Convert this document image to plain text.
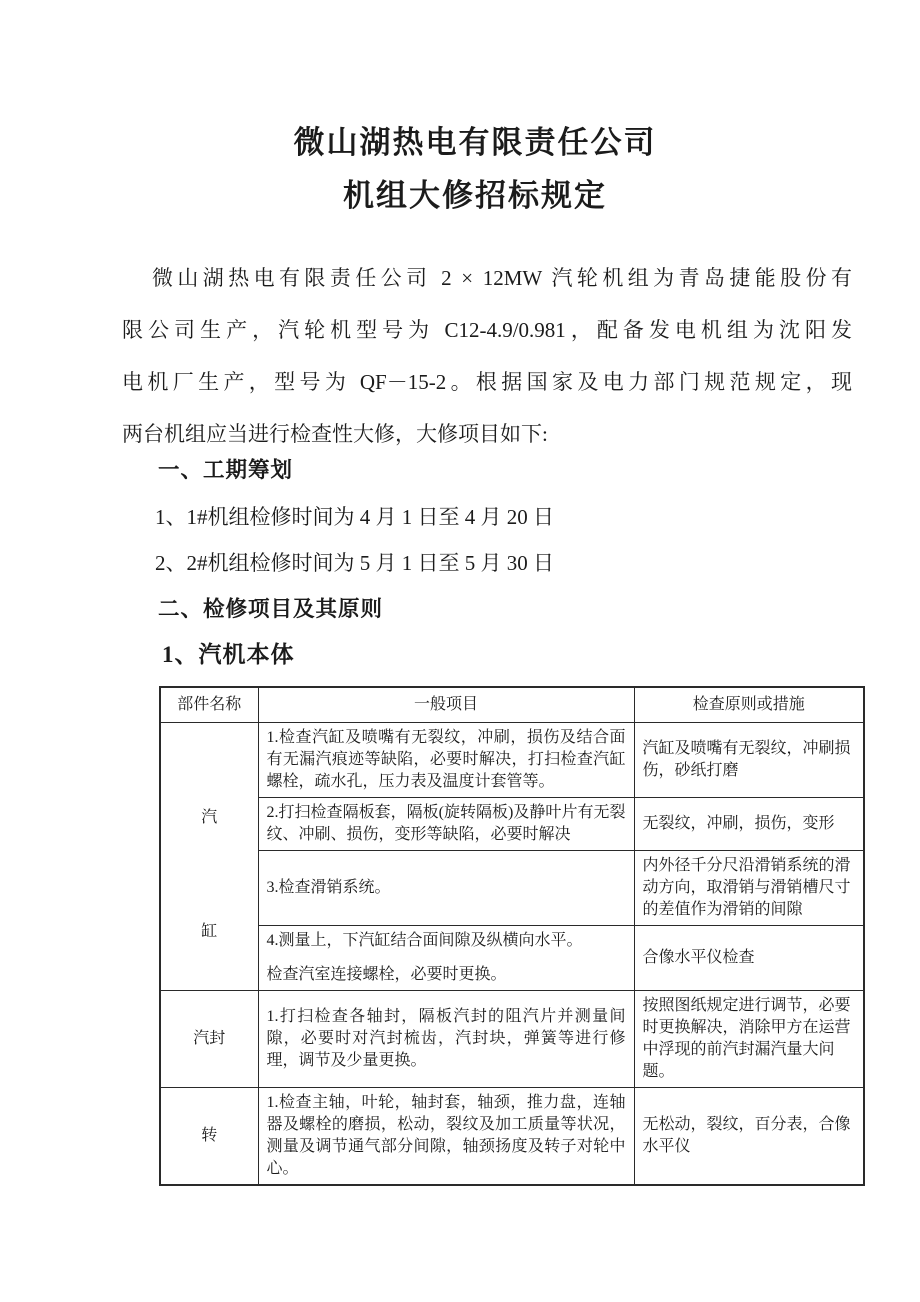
微山湖热电有限责任公司
机组大修招标规定
微山湖热电有限责任公司 2 × 12MW 汽轮机组为青岛捷能股份有
限公司生产，汽轮机型号为 C12-4.9/0.981，配备发电机组为沈阳发
电机厂生产，型号为 QF－15-2。根据国家及电力部门规范规定，现
两台机组应当进行检查性大修，大修项目如下:
一、工期筹划
1、1#机组检修时间为 4 月 1 日至 4 月 20 日
2、2#机组检修时间为 5 月 1 日至 5 月 30 日
二、检修项目及其原则
1、汽机本体
部件名称	一般项目	检查原则或措施

汽
缸	1.检查汽缸及喷嘴有无裂纹，冲刷，损伤及结合面有无漏汽痕迹等缺陷，必要时解决，打扫检查汽缸螺栓，疏水孔，压力表及温度计套管等。	汽缸及喷嘴有无裂纹，冲刷损伤，砂纸打磨
	2.打扫检查隔板套，隔板(旋转隔板)及静叶片有无裂纹、冲刷、损伤，变形等缺陷，必要时解决	无裂纹，冲刷，损伤，变形
	3.检查滑销系统。	内外径千分尺沿滑销系统的滑动方向，取滑销与滑销槽尺寸的差值作为滑销的间隙

	4.测量上，下汽缸结合面间隙及纵横向水平。
检查汽室连接螺栓，必要时更换。	合像水平仪检查
汽封	1.打扫检查各轴封，隔板汽封的阻汽片并测量间隙，必要时对汽封梳齿，汽封块，弹簧等进行修理，调节及少量更换。	按照图纸规定进行调节，必要时更换解决，消除甲方在运营中浮现的前汽封漏汽量大问题。
转	1.检查主轴，叶轮，轴封套，轴颈，推力盘，连轴器及螺栓的磨损，松动，裂纹及加工质量等状况，测量及调节通气部分间隙，轴颈扬度及转子对轮中心。	无松动，裂纹，百分表，合像水平仪
